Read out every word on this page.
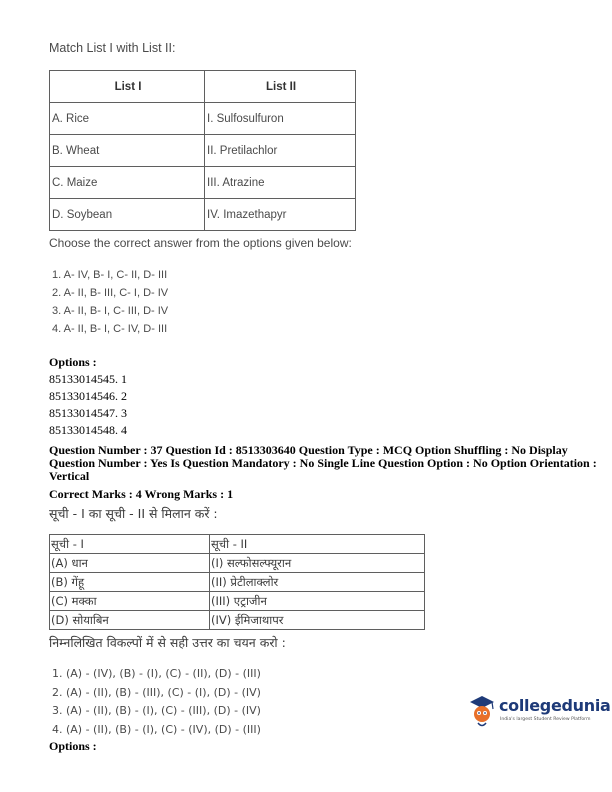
Match List I with List II:
List I	List II
A. Rice	I. Sulfosulfuron
B. Wheat	II. Pretilachlor
C. Maize	III. Atrazine
D. Soybean	IV. Imazethapyr
Choose the correct answer from the options given below:
1. A- IV, B- I, C- II, D- III
2. A- II, B- III, C- I, D- IV
3. A- II, B- I, C- III, D- IV
4. A- II, B- I, C- IV, D- III
Options :
85133014545. 1
85133014546. 2
85133014547. 3
85133014548. 4
Question Number : 37 Question Id : 8513303640 Question Type : MCQ Option Shuffling : No Display Question Number : Yes Is Question Mandatory : No Single Line Question Option : No Option Orientation : Vertical
Correct Marks : 4 Wrong Marks : 1
सूची - I का सूची - II से मिलान करें :
सूची - I	सूची - II
(A) धान	(I) सल्फोसल्फ्यूरान
(B) गेंहू	(II) प्रेटीलाक्लोर
(C) मक्का	(III) एट्राजीन
(D) सोयाबिन	(IV) ईमिजाथापर
निम्नलिखित विकल्पों में से सही उत्तर का चयन करो :
1. (A) - (IV), (B) - (I), (C) - (II), (D) - (III)
2. (A) - (II), (B) - (III), (C) - (I), (D) - (IV)
3. (A) - (II), (B) - (I), (C) - (III), (D) - (IV)
4. (A) - (II), (B) - (I), (C) - (IV), (D) - (III)
Options :
collegedunia
India's largest Student Review Platform
